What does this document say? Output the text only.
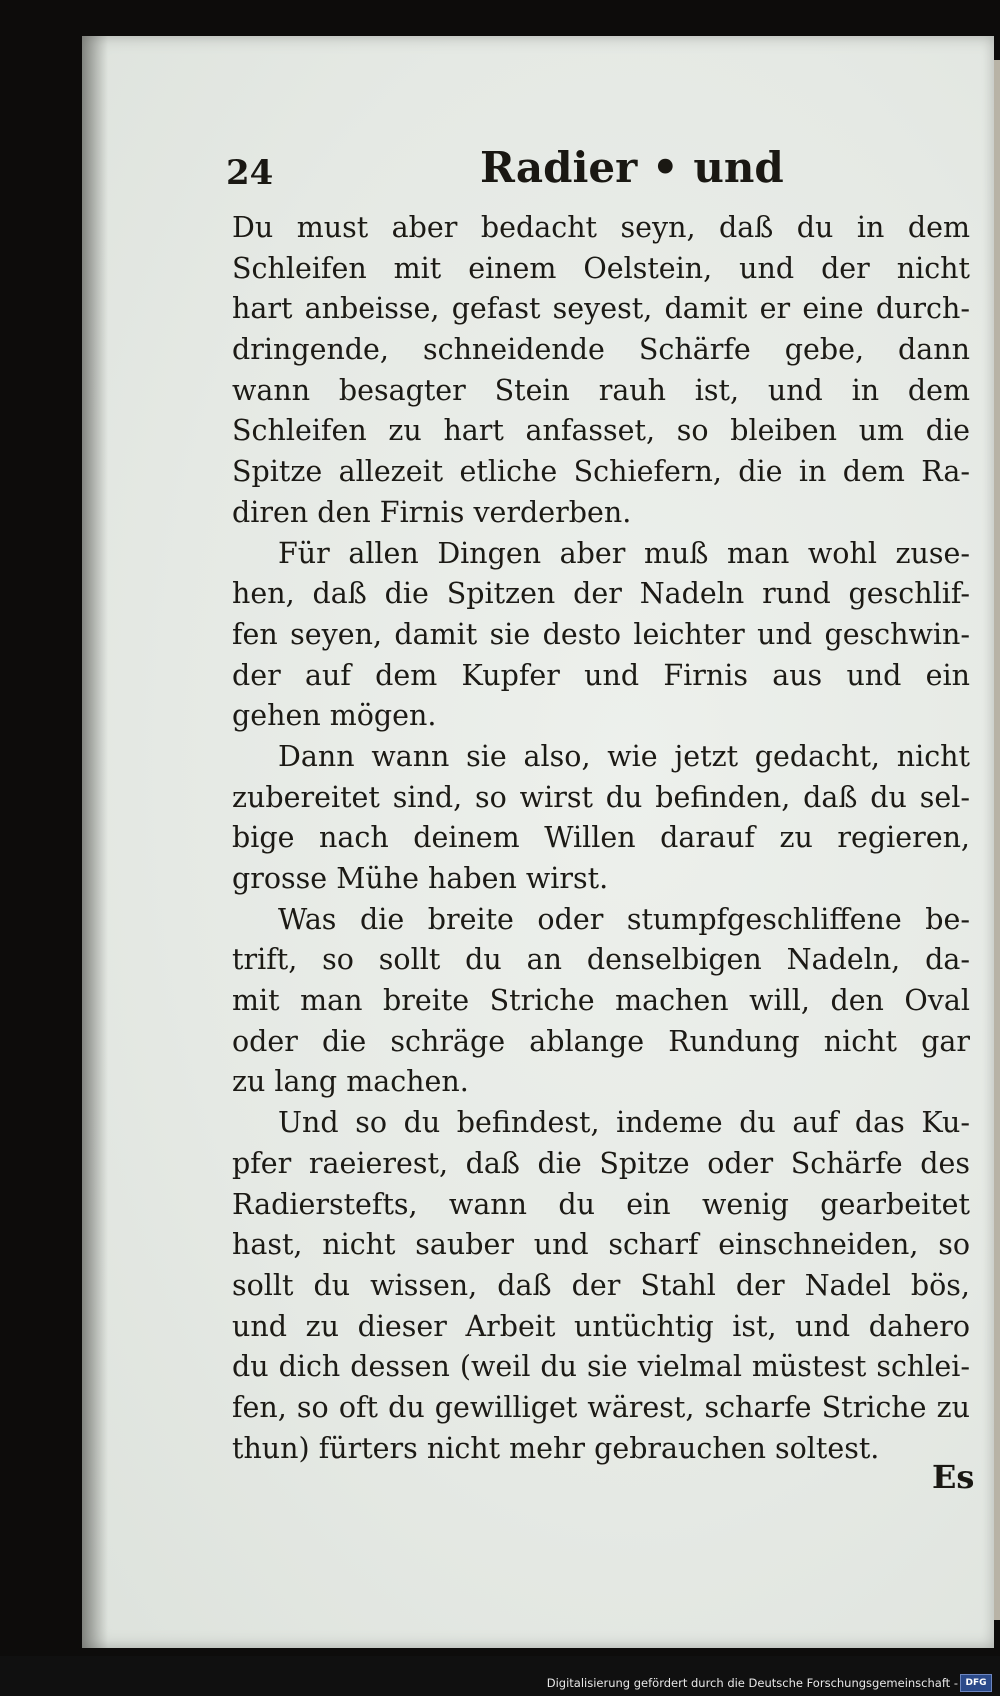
24	Radier • und
Du must aber bedacht seyn, daß du in dem
Schleifen mit einem Oelstein, und der nicht
hart anbeisse, gefast seyest, damit er eine durch-
dringende, schneidende Schärfe gebe, dann
wann besagter Stein rauh ist, und in dem
Schleifen zu hart anfasset, so bleiben um die
Spitze allezeit etliche Schiefern, die in dem Ra-
diren den Firnis verderben.
Für allen Dingen aber muß man wohl zuse-
hen, daß die Spitzen der Nadeln rund geschlif-
fen seyen, damit sie desto leichter und geschwin-
der auf dem Kupfer und Firnis aus und ein
gehen mögen.
Dann wann sie also, wie jetzt gedacht, nicht
zubereitet sind, so wirst du befinden, daß du sel-
bige nach deinem Willen darauf zu regieren,
grosse Mühe haben wirst.
Was die breite oder stumpfgeschliffene be-
trift, so sollt du an denselbigen Nadeln, da-
mit man breite Striche machen will, den Oval
oder die schräge ablange Rundung nicht gar
zu lang machen.
Und so du befindest, indeme du auf das Ku-
pfer raeierest, daß die Spitze oder Schärfe des
Radierstefts, wann du ein wenig gearbeitet
hast, nicht sauber und scharf einschneiden, so
sollt du wissen, daß der Stahl der Nadel bös,
und zu dieser Arbeit untüchtig ist, und dahero
du dich dessen (weil du sie vielmal müstest schlei-
fen, so oft du gewilliget wärest, scharfe Striche zu
thun) fürters nicht mehr gebrauchen soltest.
Es
Digitalisierung gefördert durch die Deutsche Forschungsgemeinschaft - DFG
